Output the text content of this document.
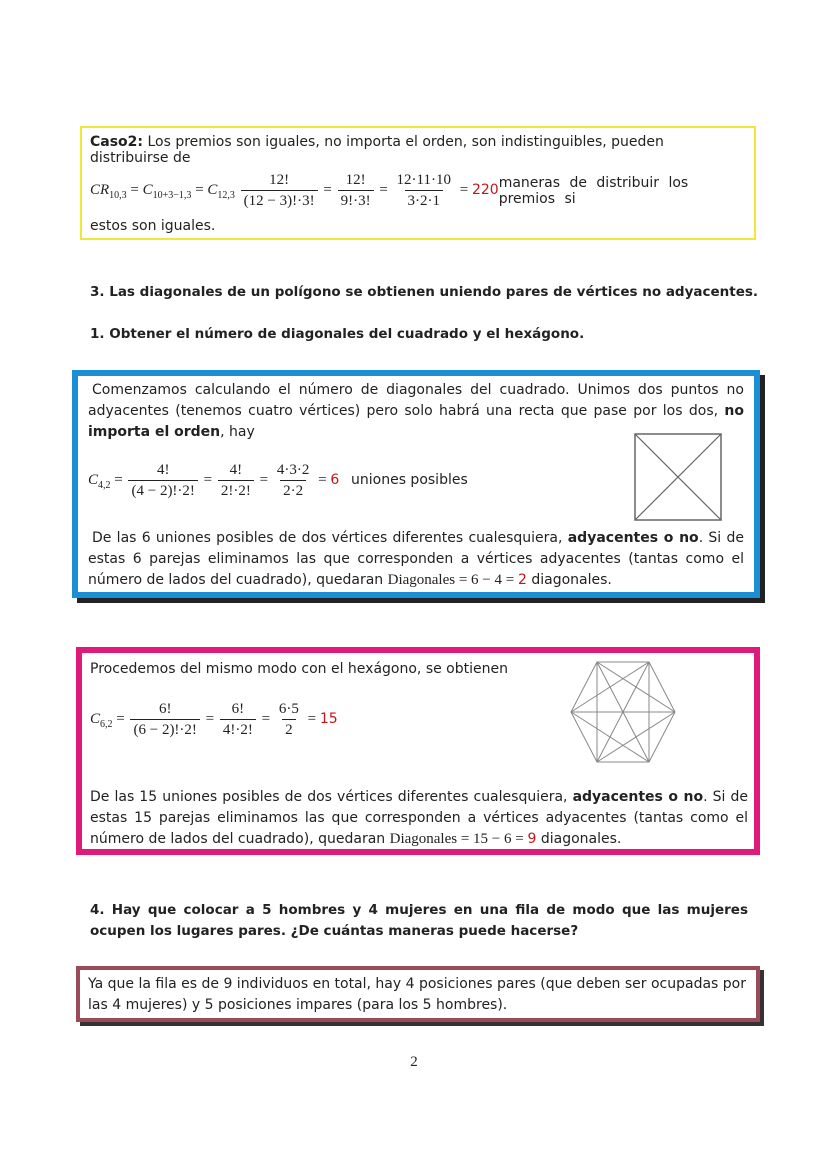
Caso2: Los premios son iguales, no importa el orden, son indistinguibles, pueden distribuirse de
$CR_{10,3} = C_{10+3-1,3} = C_{12,3} \frac{12!}{(12 - 3)!\cdot 3!} = \frac{12!}{9!\cdot 3!} = \frac{12\cdot 11\cdot 10}{3\cdot 2\cdot 1} = 220$ maneras de distribuir los premios si
estos son iguales.
3. Las diagonales de un polígono se obtienen uniendo pares de vértices no adyacentes.
1. Obtener el número de diagonales del cuadrado y el hexágono.
Comenzamos calculando el número de diagonales del cuadrado. Unimos dos puntos no adyacentes (tenemos cuatro vértices) pero solo habrá una recta que pase por los dos, no importa el orden, hay
$C_{4,2} = \frac{4!}{(4 - 2)!\cdot 2!} = \frac{4!}{2!\cdot 2!} = \frac{4\cdot 3\cdot 2}{2\cdot 2} = 6$ uniones posibles
De las 6 uniones posibles de dos vértices diferentes cualesquiera, adyacentes o no. Si de estas 6 parejas eliminamos las que corresponden a vértices adyacentes (tantas como el número de lados del cuadrado), quedaran Diagonales = 6 − 4 = 2 diagonales.
Procedemos del mismo modo con el hexágono, se obtienen
$C_{6,2} = \frac{6!}{(6 - 2)!\cdot 2!} = \frac{6!}{4!\cdot 2!} = \frac{6\cdot 5}{2} = 15$
De las 15 uniones posibles de dos vértices diferentes cualesquiera, adyacentes o no. Si de estas 15 parejas eliminamos las que corresponden a vértices adyacentes (tantas como el número de lados del cuadrado), quedaran Diagonales = 15 − 6 = 9 diagonales.
4. Hay que colocar a 5 hombres y 4 mujeres en una fila de modo que las mujeres ocupen los lugares pares. ¿De cuántas maneras puede hacerse?
Ya que la fila es de 9 individuos en total, hay 4 posiciones pares (que deben ser ocupadas por las 4 mujeres) y 5 posiciones impares (para los 5 hombres).
2
